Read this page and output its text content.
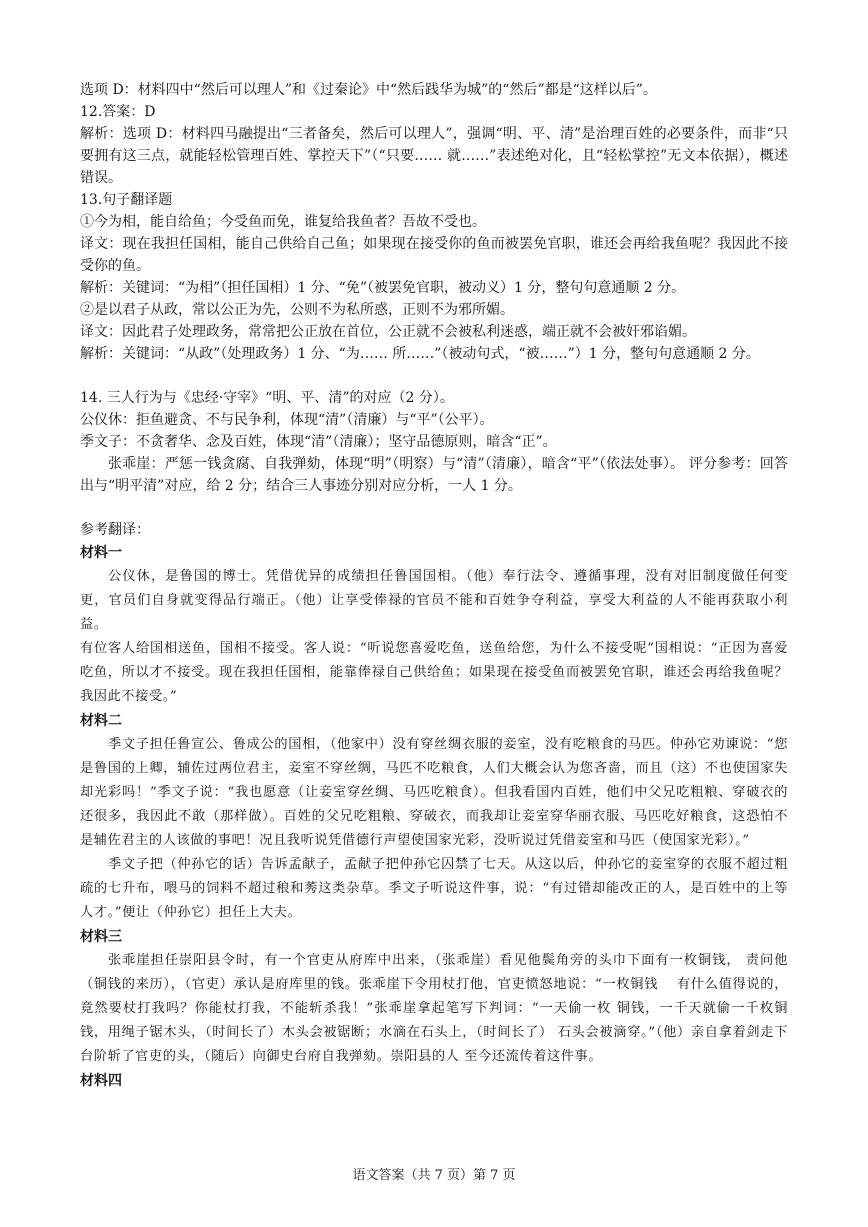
选项 D：材料四中“然后可以理人”和《过秦论》中“然后践华为城”的“然后”都是“这样以后”。
12.答案：D
解析：选项 D：材料四马融提出“三者备矣，然后可以理人”，强调“明、平、清”是治理百姓的必要条件，而非“只要拥有这三点，就能轻松管理百姓、掌控天下”（“只要…… 就……”表述绝对化，且“轻松掌控”无文本依据），概述错误。
13.句子翻译题
①今为相，能自给鱼；今受鱼而免，谁复给我鱼者？吾故不受也。
译文：现在我担任国相，能自己供给自己鱼；如果现在接受你的鱼而被罢免官职，谁还会再给我鱼呢？我因此不接受你的鱼。
解析：关键词：“为相”（担任国相）1 分、“免”（被罢免官职，被动义）1 分，整句句意通顺 2 分。
②是以君子从政，常以公正为先，公则不为私所惑，正则不为邪所媚。
译文：因此君子处理政务，常常把公正放在首位，公正就不会被私利迷惑，端正就不会被奸邪谄媚。
解析：关键词：“从政”（处理政务）1 分、“为…… 所……”（被动句式，“被……”）1 分，整句句意通顺 2 分。
14. 三人行为与《忠经·守宰》“明、平、清”的对应（2 分）。
公仪休：拒鱼避贪、不与民争利，体现“清”（清廉）与“平”（公平）。
季文子：不贪奢华、念及百姓，体现“清”（清廉）；坚守品德原则，暗含“正”。
张乖崖：严惩一钱贪腐、自我弹劾，体现“明”（明察）与“清”（清廉），暗含“平”（依法处事）。 评分参考：回答出与“明平清”对应，给 2 分；结合三人事迹分别对应分析，一人 1 分。
参考翻译：
材料一
公仪休，是鲁国的博士。凭借优异的成绩担任鲁国国相。（他）奉行法令、遵循事理，没有对旧制度做任何变更，官员们自身就变得品行端正。（他）让享受俸禄的官员不能和百姓争夺利益，享受大利益的人不能再获取小利益。
有位客人给国相送鱼，国相不接受。客人说：“听说您喜爱吃鱼，送鱼给您，为什么不接受呢”国相说：“正因为喜爱吃鱼，所以才不接受。现在我担任国相，能靠俸禄自己供给鱼；如果现在接受鱼而被罢免官职，谁还会再给我鱼呢？我因此不接受。”
材料二
季文子担任鲁宣公、鲁成公的国相，（他家中）没有穿丝绸衣服的妾室，没有吃粮食的马匹。仲孙它劝谏说：“您是鲁国的上卿，辅佐过两位君主，妾室不穿丝绸，马匹不吃粮食，人们大概会认为您吝啬，而且（这）不也使国家失却光彩吗！”季文子说：“我也愿意（让妾室穿丝绸、马匹吃粮食）。但我看国内百姓，他们中父兄吃粗粮、穿破衣的还很多，我因此不敢（那样做）。百姓的父兄吃粗粮、穿破衣，而我却让妾室穿华丽衣服、马匹吃好粮食，这恐怕不是辅佐君主的人该做的事吧！况且我听说凭借德行声望使国家光彩，没听说过凭借妾室和马匹（使国家光彩）。”
季文子把（仲孙它的话）告诉孟献子，孟献子把仲孙它囚禁了七天。从这以后，仲孙它的妾室穿的衣服不超过粗疏的七升布，喂马的饲料不超过稂和莠这类杂草。季文子听说这件事，说：“有过错却能改正的人，是百姓中的上等人才。”便让（仲孙它）担任上大夫。
材料三
张乖崖担任崇阳县令时，有一个官吏从府库中出来，（张乖崖）看见他鬓角旁的头巾下面有一枚铜钱， 责问他（铜钱的来历），（官吏）承认是府库里的钱。张乖崖下令用杖打他，官吏愤怒地说：“一枚铜钱 　有什么值得说的，竟然要杖打我吗？你能杖打我，不能斩杀我！”张乖崖拿起笔写下判词：“一天偷一枚 铜钱，一千天就偷一千枚铜钱，用绳子锯木头，（时间长了）木头会被锯断；水滴在石头上，（时间长了） 石头会被滴穿。”（他）亲自拿着剑走下台阶斩了官吏的头，（随后）向御史台府自我弹劾。崇阳县的人 至今还流传着这件事。
材料四
语文答案（共 7 页）第 7 页
